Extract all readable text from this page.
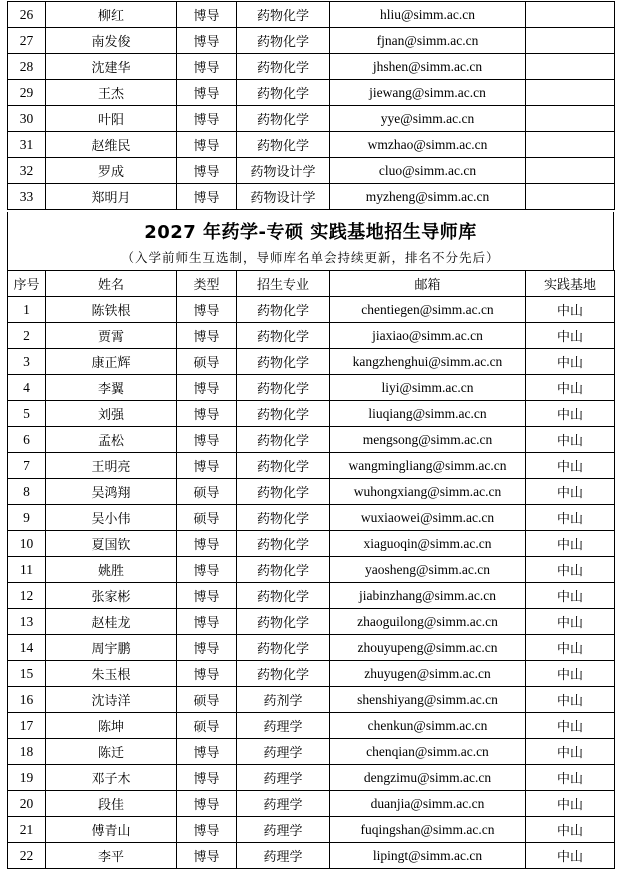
26	柳红	博导	药物化学	hliu@simm.ac.cn	
27	南发俊	博导	药物化学	fjnan@simm.ac.cn	
28	沈建华	博导	药物化学	jhshen@simm.ac.cn	
29	王杰	博导	药物化学	jiewang@simm.ac.cn	
30	叶阳	博导	药物化学	yye@simm.ac.cn	
31	赵维民	博导	药物化学	wmzhao@simm.ac.cn	
32	罗成	博导	药物设计学	cluo@simm.ac.cn	
33	郑明月	博导	药物设计学	myzheng@simm.ac.cn	
2027 年药学-专硕 实践基地招生导师库
（入学前师生互选制，导师库名单会持续更新，排名不分先后）
序号	姓名	类型	招生专业	邮箱	实践基地
1	陈铁根	博导	药物化学	chentiegen@simm.ac.cn	中山
2	贾霄	博导	药物化学	jiaxiao@simm.ac.cn	中山
3	康正辉	硕导	药物化学	kangzhenghui@simm.ac.cn	中山
4	李翼	博导	药物化学	liyi@simm.ac.cn	中山
5	刘强	博导	药物化学	liuqiang@simm.ac.cn	中山
6	孟松	博导	药物化学	mengsong@simm.ac.cn	中山
7	王明亮	博导	药物化学	wangmingliang@simm.ac.cn	中山
8	吴鸿翔	硕导	药物化学	wuhongxiang@simm.ac.cn	中山
9	吴小伟	硕导	药物化学	wuxiaowei@simm.ac.cn	中山
10	夏国钦	博导	药物化学	xiaguoqin@simm.ac.cn	中山
11	姚胜	博导	药物化学	yaosheng@simm.ac.cn	中山
12	张家彬	博导	药物化学	jiabinzhang@simm.ac.cn	中山
13	赵桂龙	博导	药物化学	zhaoguilong@simm.ac.cn	中山
14	周宇鹏	博导	药物化学	zhouyupeng@simm.ac.cn	中山
15	朱玉根	博导	药物化学	zhuyugen@simm.ac.cn	中山
16	沈诗洋	硕导	药剂学	shenshiyang@simm.ac.cn	中山
17	陈坤	硕导	药理学	chenkun@simm.ac.cn	中山
18	陈迁	博导	药理学	chenqian@simm.ac.cn	中山
19	邓子木	博导	药理学	dengzimu@simm.ac.cn	中山
20	段佳	博导	药理学	duanjia@simm.ac.cn	中山
21	傅青山	博导	药理学	fuqingshan@simm.ac.cn	中山
22	李平	博导	药理学	lipingt@simm.ac.cn	中山
